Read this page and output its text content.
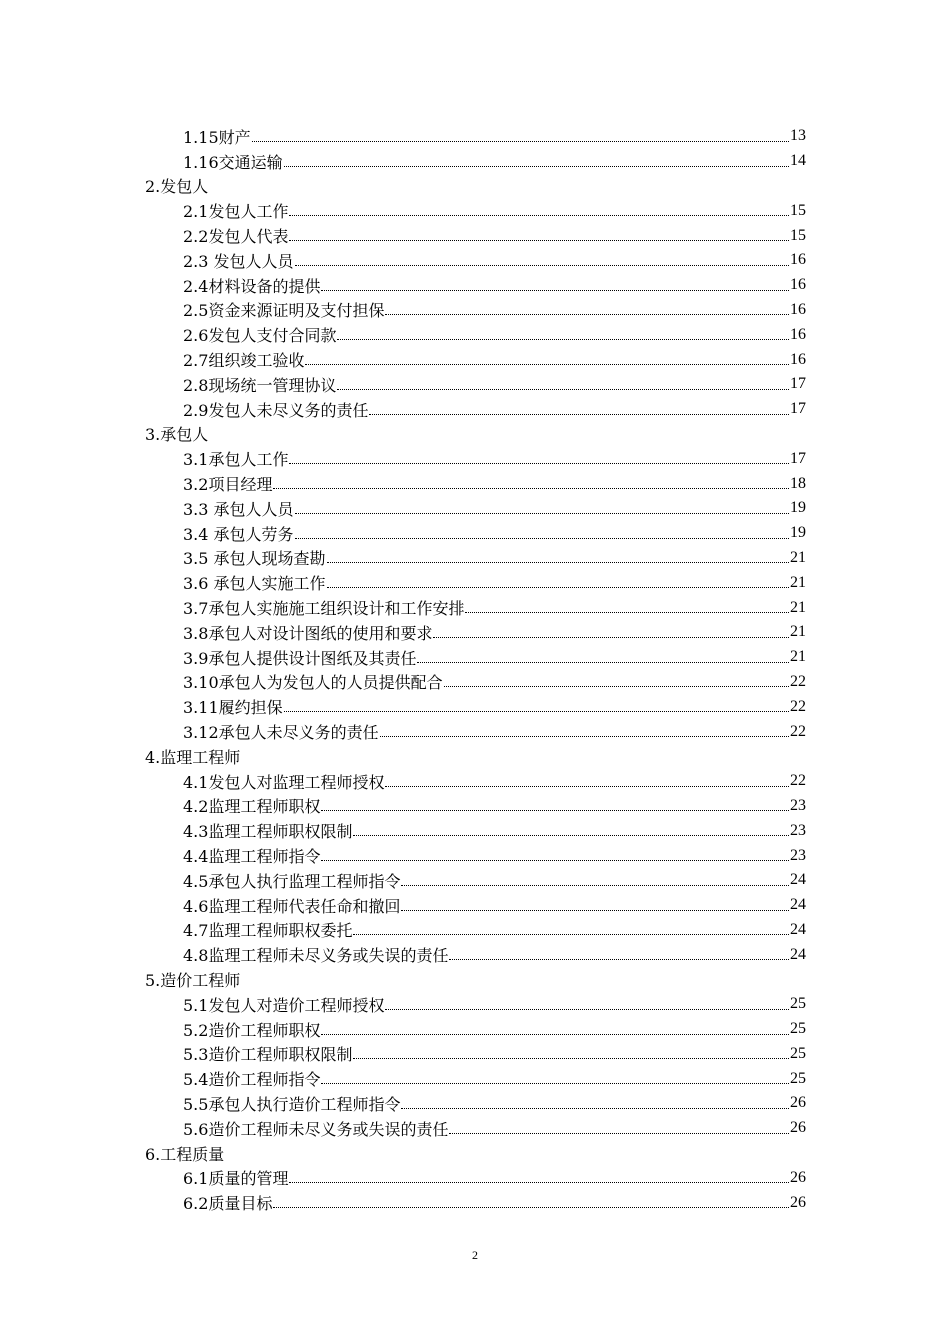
1.15财产	13
1.16交通运输	14
2.发包人
2.1发包人工作	15
2.2发包人代表	15
2.3 发包人人员	16
2.4材料设备的提供	16
2.5资金来源证明及支付担保	16
2.6发包人支付合同款	16
2.7组织竣工验收	16
2.8现场统一管理协议	17
2.9发包人未尽义务的责任	17
3.承包人
3.1承包人工作	17
3.2项目经理	18
3.3 承包人人员	19
3.4 承包人劳务	19
3.5 承包人现场查勘	21
3.6 承包人实施工作	21
3.7承包人实施施工组织设计和工作安排	21
3.8承包人对设计图纸的使用和要求	21
3.9承包人提供设计图纸及其责任	21
3.10承包人为发包人的人员提供配合	22
3.11履约担保	22
3.12承包人未尽义务的责任	22
4.监理工程师
4.1发包人对监理工程师授权	22
4.2监理工程师职权	23
4.3监理工程师职权限制	23
4.4监理工程师指令	23
4.5承包人执行监理工程师指令	24
4.6监理工程师代表任命和撤回	24
4.7监理工程师职权委托	24
4.8监理工程师未尽义务或失误的责任	24
5.造价工程师
5.1发包人对造价工程师授权	25
5.2造价工程师职权	25
5.3造价工程师职权限制	25
5.4造价工程师指令	25
5.5承包人执行造价工程师指令	26
5.6造价工程师未尽义务或失误的责任	26
6.工程质量
6.1质量的管理	26
6.2质量目标	26
2
